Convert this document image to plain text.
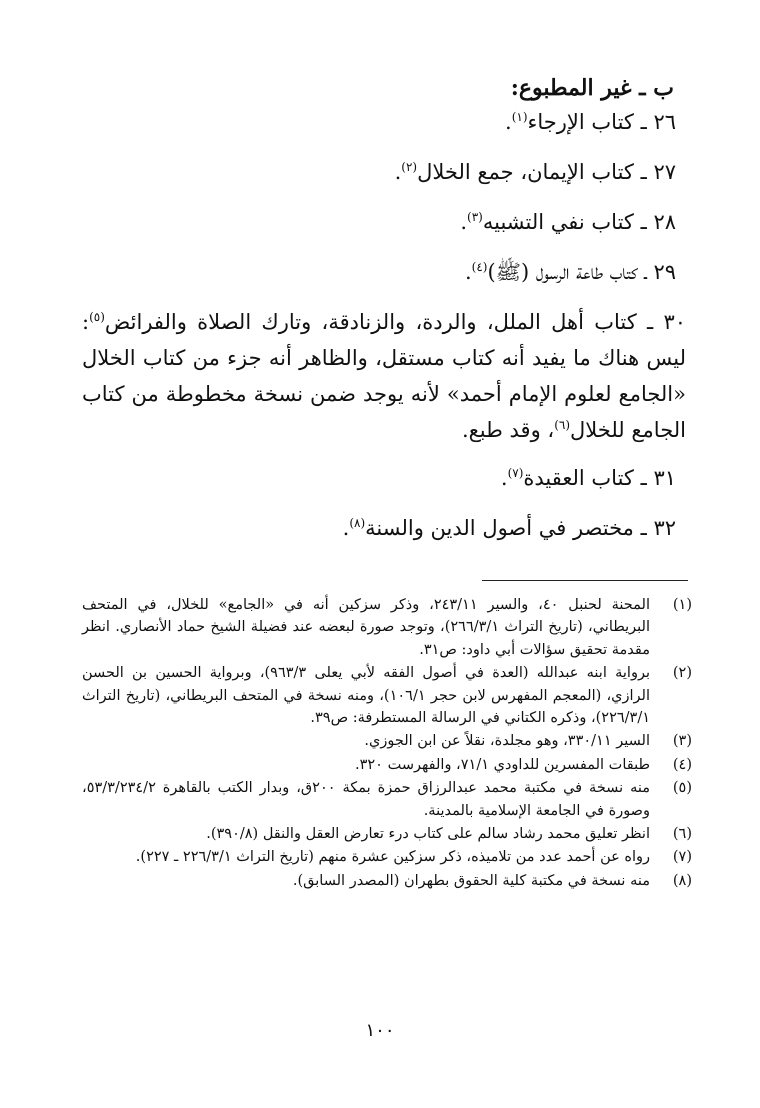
ب ـ غير المطبوع:
٢٦ ـ كتاب الإرجاء$^{(١)}$.
٢٧ ـ كتاب الإيمان، جمع الخلال$^{(٢)}$.
٢٨ ـ كتاب نفي التشبيه$^{(٣)}$.
٢٩ ـ كتاب طاعة الرسول (ﷺ)$^{(٤)}$.
٣٠ ـ كتاب أهل الملل، والردة، والزنادقة، وتارك الصلاة والفرائض$^{(٥)}$: ليس هناك ما يفيد أنه كتاب مستقل، والظاهر أنه جزء من كتاب الخلال «الجامع لعلوم الإمام أحمد» لأنه يوجد ضمن نسخة مخطوطة من كتاب الجامع للخلال$^{(٦)}$، وقد طبع.
٣١ ـ كتاب العقيدة$^{(٧)}$.
٣٢ ـ مختصر في أصول الدين والسنة$^{(٨)}$.
(١)
المحنة لحنبل ٤٠، والسير ٢٤٣/١١، وذكر سزكين أنه في «الجامع» للخلال، في المتحف البريطاني، (تاريخ التراث ٢٦٦/٣/١)، وتوجد صورة لبعضه عند فضيلة الشيخ حماد الأنصاري. انظر مقدمة تحقيق سؤالات أبي داود: ص٣١.
(٢)
برواية ابنه عبدالله (العدة في أصول الفقه لأبي يعلى ٩٦٣/٣)، وبرواية الحسين بن الحسن الرازي، (المعجم المفهرس لابن حجر ١٠٦/١)، ومنه نسخة في المتحف البريطاني، (تاريخ التراث ٢٢٦/٣/١)، وذكره الكتاني في الرسالة المستطرفة: ص٣٩.
(٣)
السير ٣٣٠/١١، وهو مجلدة، نقلاً عن ابن الجوزي.
(٤)
طبقات المفسرين للداودي ٧١/١، والفهرست ٣٢٠.
(٥)
منه نسخة في مكتبة محمد عبدالرزاق حمزة بمكة ٢٠٠ق، وبدار الكتب بالقاهرة ٥٣/٣/٢٣٤/٢، وصورة في الجامعة الإسلامية بالمدينة.
(٦)
انظر تعليق محمد رشاد سالم على كتاب درء تعارض العقل والنقل (٣٩٠/٨).
(٧)
رواه عن أحمد عدد من تلاميذه، ذكر سزكين عشرة منهم (تاريخ التراث ٢٢٦/٣/١ ـ ٢٢٧).
(٨)
منه نسخة في مكتبة كلية الحقوق بطهران (المصدر السابق).
١٠٠
